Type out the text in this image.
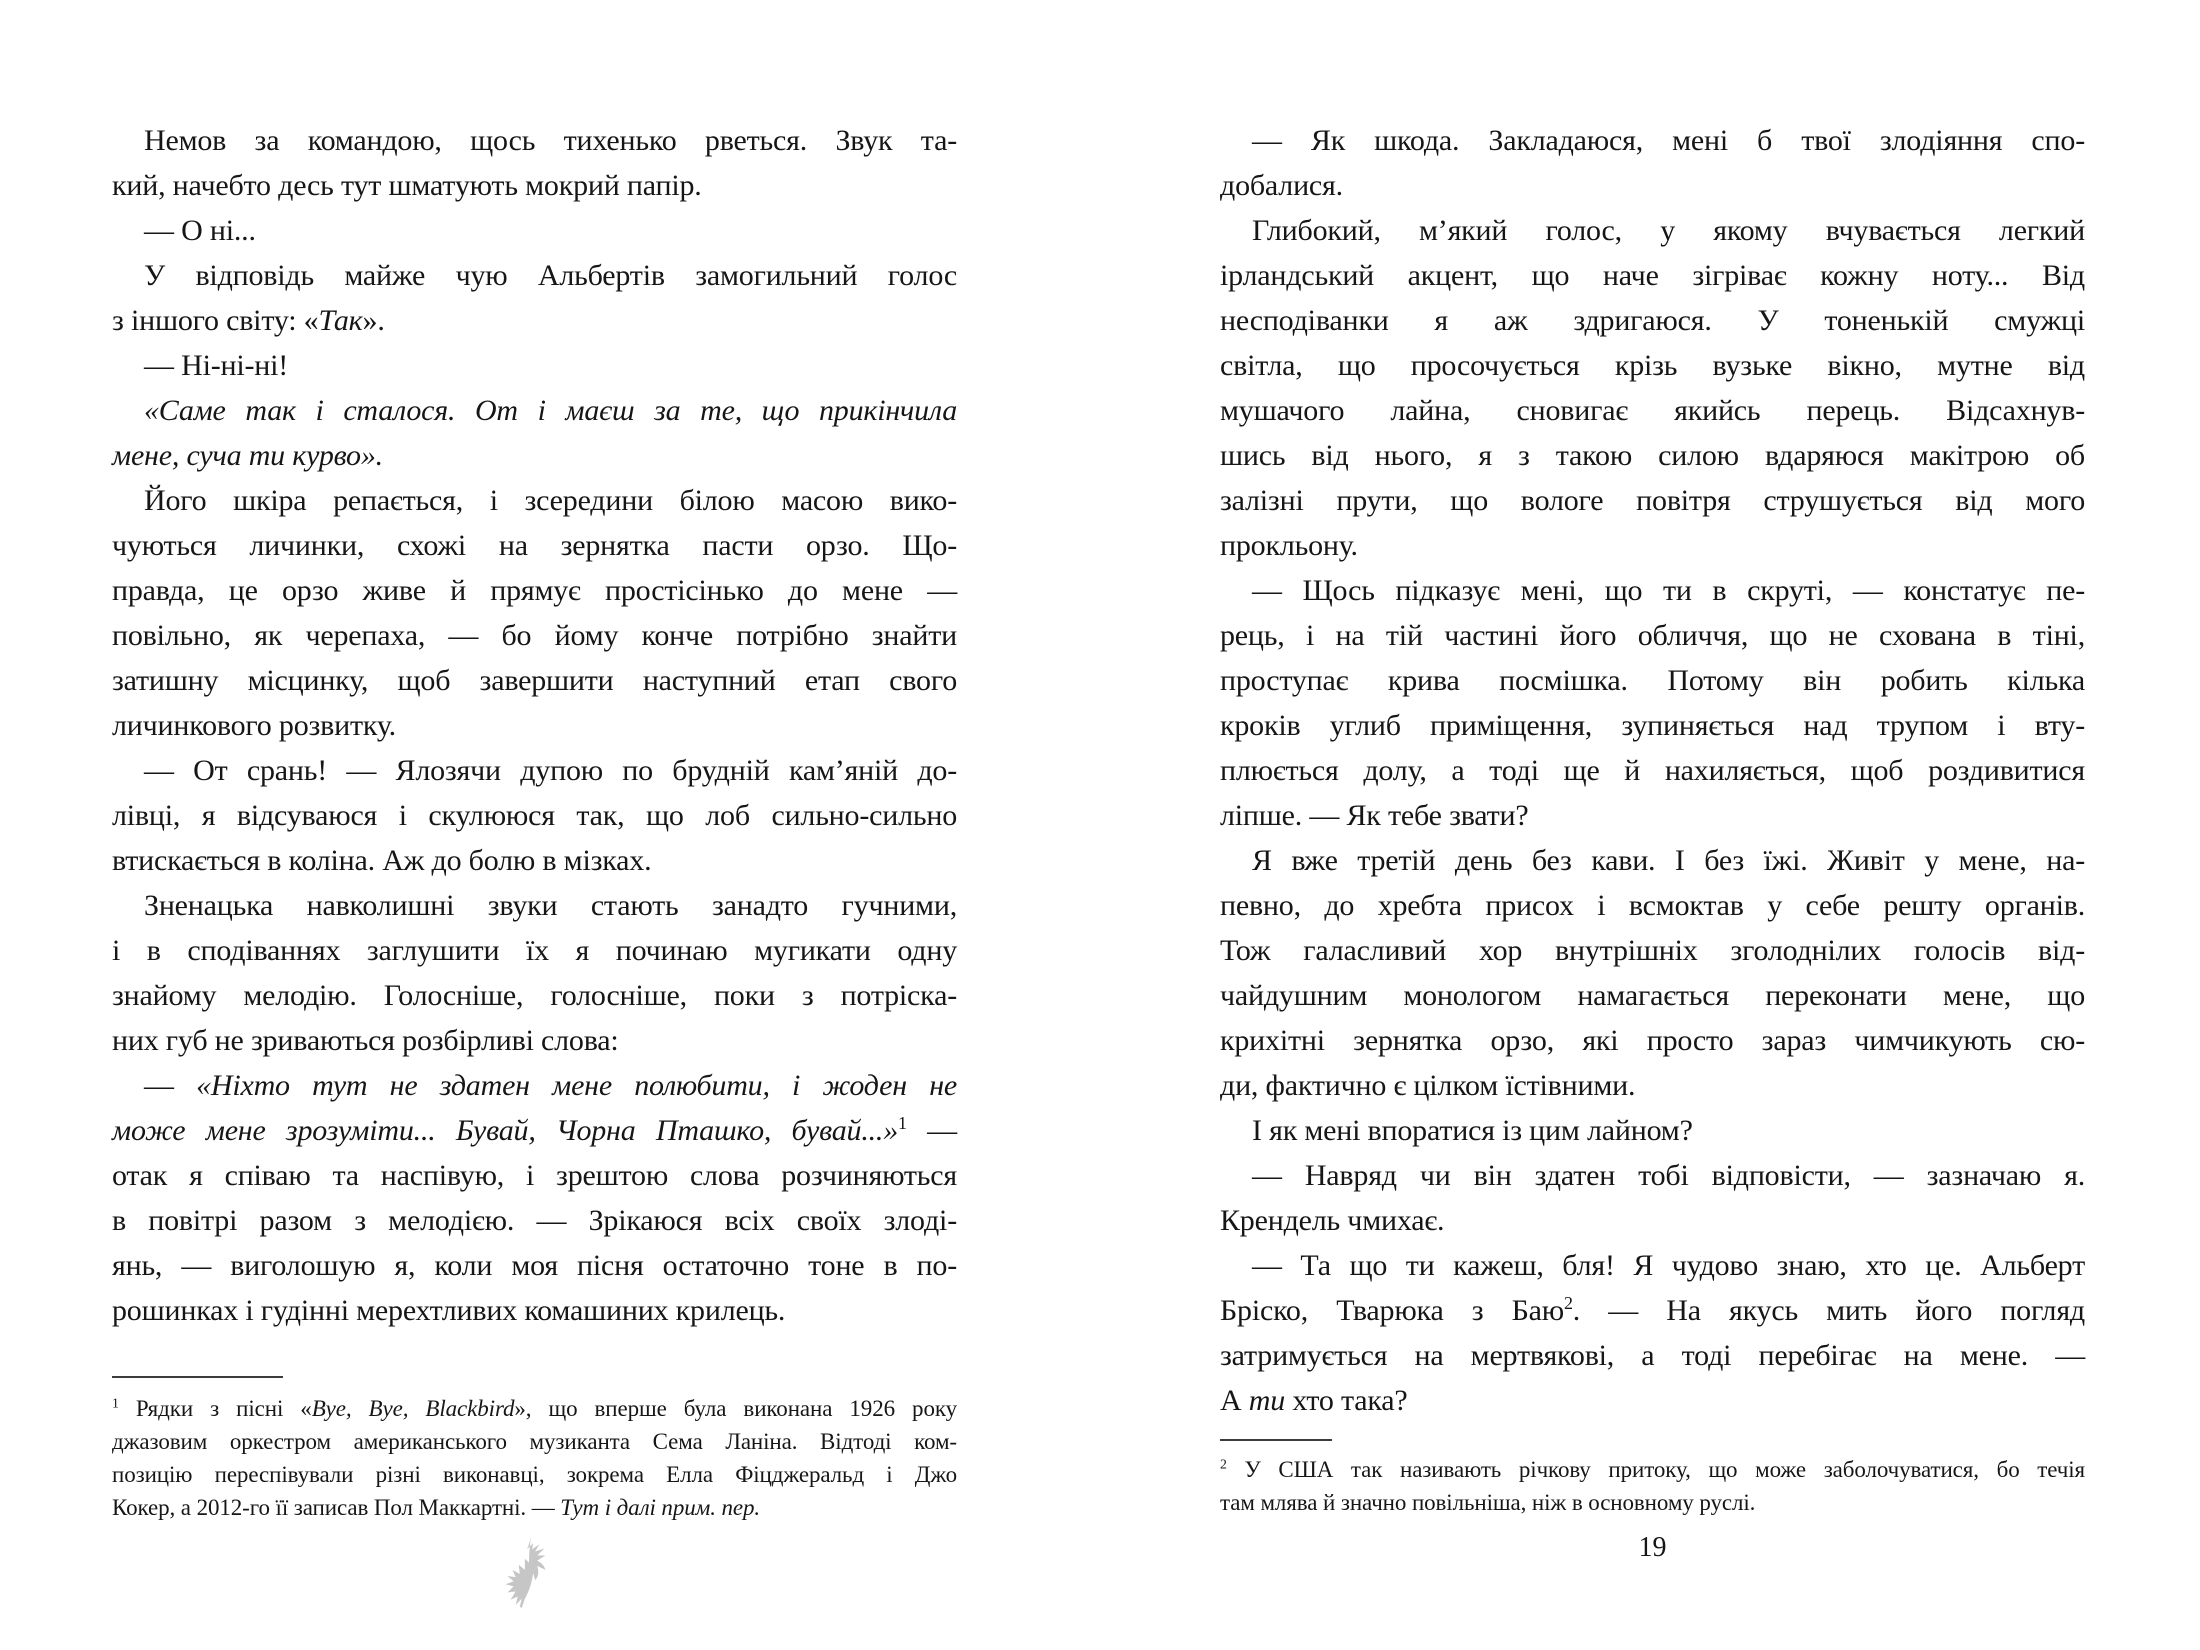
Немов за командою, щось тихенько рветься. Звук та-
кий, начебто десь тут шматують мокрий папір.
— О ні...
У відповідь майже чую Альбертів замогильний голос
з іншого світу: «Так».
— Ні-ні-ні!
«Саме так і сталося. От і маєш за те, що прикінчила
мене, суча ти курво».
Його шкіра репається, і зсередини білою масою вико-
чуються личинки, схожі на зернятка пасти орзо. Що-
правда, це орзо живе й прямує простісінько до мене —
повільно, як черепаха, — бо йому конче потрібно знайти
затишну місцинку, щоб завершити наступний етап свого
личинкового розвитку.
— От срань! — Ялозячи дупою по брудній кам’яній до-
лівці, я відсуваюся і скулююся так, що лоб сильно-сильно
втискається в коліна. Аж до болю в мізках.
Зненацька навколишні звуки стають занадто гучними,
і в сподіваннях заглушити їх я починаю мугикати одну
знайому мелодію. Голосніше, голосніше, поки з потріска-
них губ не зриваються розбірливі слова:
— «Ніхто тут не здатен мене полюбити, і жоден не
може мене зрозуміти... Бувай, Чорна Пташко, бувай...»$^1$ —
отак я співаю та наспівую, і зрештою слова розчиняються
в повітрі разом з мелодією. — Зрікаюся всіх своїх злоді-
янь, — виголошую я, коли моя пісня остаточно тоне в по-
рошинках і гудінні мерехтливих комашиних крилець.
$^1$ Рядки з пісні «Bye, Bye, Blackbird», що вперше була виконана 1926 року
джазовим оркестром американського музиканта Сема Ланіна. Відтоді ком-
позицію переспівували різні виконавці, зокрема Елла Фіцджеральд і Джо
Кокер, а 2012-го її записав Пол Маккартні. — Тут і далі прим. пер.
— Як шкода. Закладаюся, мені б твої злодіяння спо-
добалися.
Глибокий, м’який голос, у якому вчувається легкий
ірландський акцент, що наче зігріває кожну ноту... Від
несподіванки я аж здригаюся. У тоненькій смужці
світла, що просочується крізь вузьке вікно, мутне від
мушачого лайна, сновигає якийсь перець. Відсахнув-
шись від нього, я з такою силою вдаряюся макітрою об
залізні прути, що вологе повітря струшується від мого
прокльону.
— Щось підказує мені, що ти в скруті, — констатує пе-
рець, і на тій частині його обличчя, що не схована в тіні,
проступає крива посмішка. Потому він робить кілька
кроків углиб приміщення, зупиняється над трупом і вту-
плюється долу, а тоді ще й нахиляється, щоб роздивитися
ліпше. — Як тебе звати?
Я вже третій день без кави. І без їжі. Живіт у мене, на-
певно, до хребта присох і всмоктав у себе решту органів.
Тож галасливий хор внутрішніх зголоднілих голосів від-
чайдушним монологом намагається переконати мене, що
крихітні зернятка орзо, які просто зараз чимчикують сю-
ди, фактично є цілком їстівними.
І як мені впоратися із цим лайном?
— Навряд чи він здатен тобі відповісти, — зазначаю я.
Крендель чмихає.
— Та що ти кажеш, бля! Я чудово знаю, хто це. Альберт
Бріско, Тварюка з Баю$^2$. — На якусь мить його погляд
затримується на мертвякові, а тоді перебігає на мене. —
А ти хто така?
$^2$ У США так називають річкову притоку, що може заболочуватися, бо течія
там млява й значно повільніша, ніж в основному руслі.
19
